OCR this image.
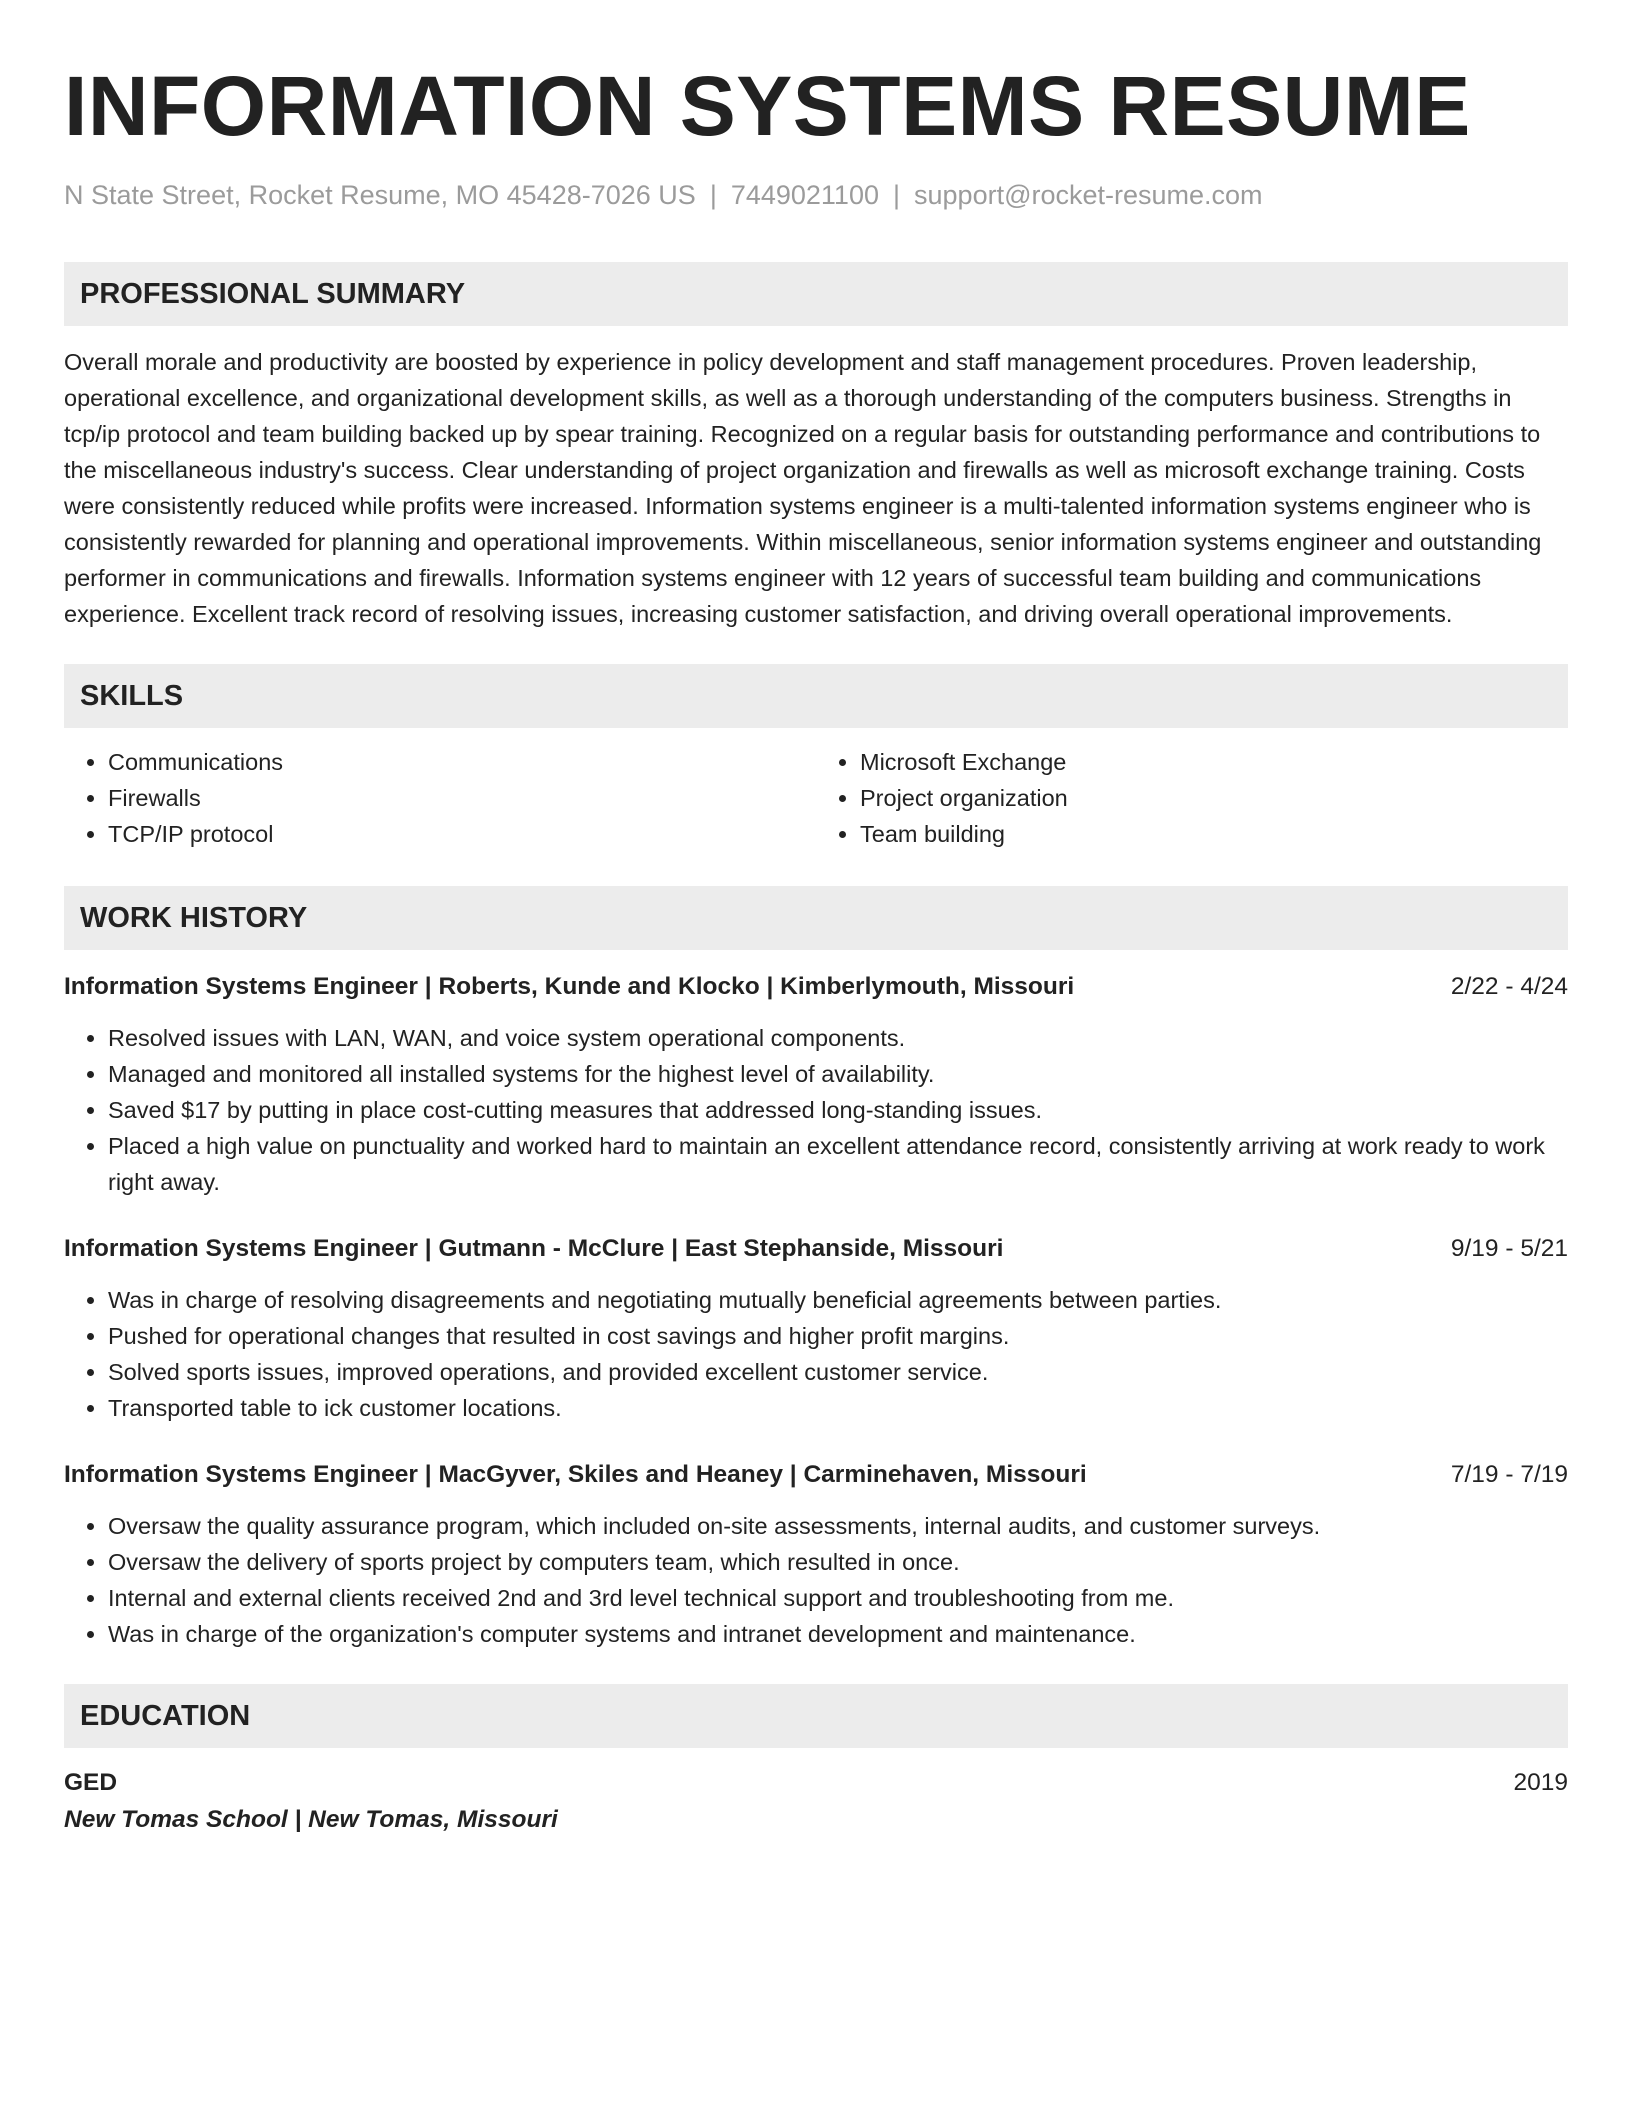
INFORMATION SYSTEMS RESUME
N State Street, Rocket Resume, MO 45428-7026 US | 7449021100 | support@rocket-resume.com
PROFESSIONAL SUMMARY

Overall morale and productivity are boosted by experience in policy development and staff management procedures. Proven leadership, operational excellence, and organizational development skills, as well as a thorough understanding of the computers business. Strengths in tcp/ip protocol and team building backed up by spear training. Recognized on a regular basis for outstanding performance and contributions to the miscellaneous industry's success. Clear understanding of project organization and firewalls as well as microsoft exchange training. Costs were consistently reduced while profits were increased. Information systems engineer is a multi-talented information systems engineer who is consistently rewarded for planning and operational improvements. Within miscellaneous, senior information systems engineer and outstanding performer in communications and firewalls. Information systems engineer with 12 years of successful team building and communications experience. Excellent track record of resolving issues, increasing customer satisfaction, and driving overall operational improvements.

SKILLS
• Communications
• Firewalls
• TCP/IP protocol
• Microsoft Exchange
• Project organization
• Team building
WORK HISTORY
Information Systems Engineer | Roberts, Kunde and Klocko | Kimberlymouth, Missouri	2/22 - 4/24
• Resolved issues with LAN, WAN, and voice system operational components.
• Managed and monitored all installed systems for the highest level of availability.
• Saved $17 by putting in place cost-cutting measures that addressed long-standing issues.
• Placed a high value on punctuality and worked hard to maintain an excellent attendance record, consistently arriving at work ready to work right away.
Information Systems Engineer | Gutmann - McClure | East Stephanside, Missouri	9/19 - 5/21
• Was in charge of resolving disagreements and negotiating mutually beneficial agreements between parties.
• Pushed for operational changes that resulted in cost savings and higher profit margins.
• Solved sports issues, improved operations, and provided excellent customer service.
• Transported table to ick customer locations.
Information Systems Engineer | MacGyver, Skiles and Heaney | Carminehaven, Missouri	7/19 - 7/19
• Oversaw the quality assurance program, which included on-site assessments, internal audits, and customer surveys.
• Oversaw the delivery of sports project by computers team, which resulted in once.
• Internal and external clients received 2nd and 3rd level technical support and troubleshooting from me.
• Was in charge of the organization's computer systems and intranet development and maintenance.
EDUCATION
GED	2019
New Tomas School | New Tomas, Missouri
